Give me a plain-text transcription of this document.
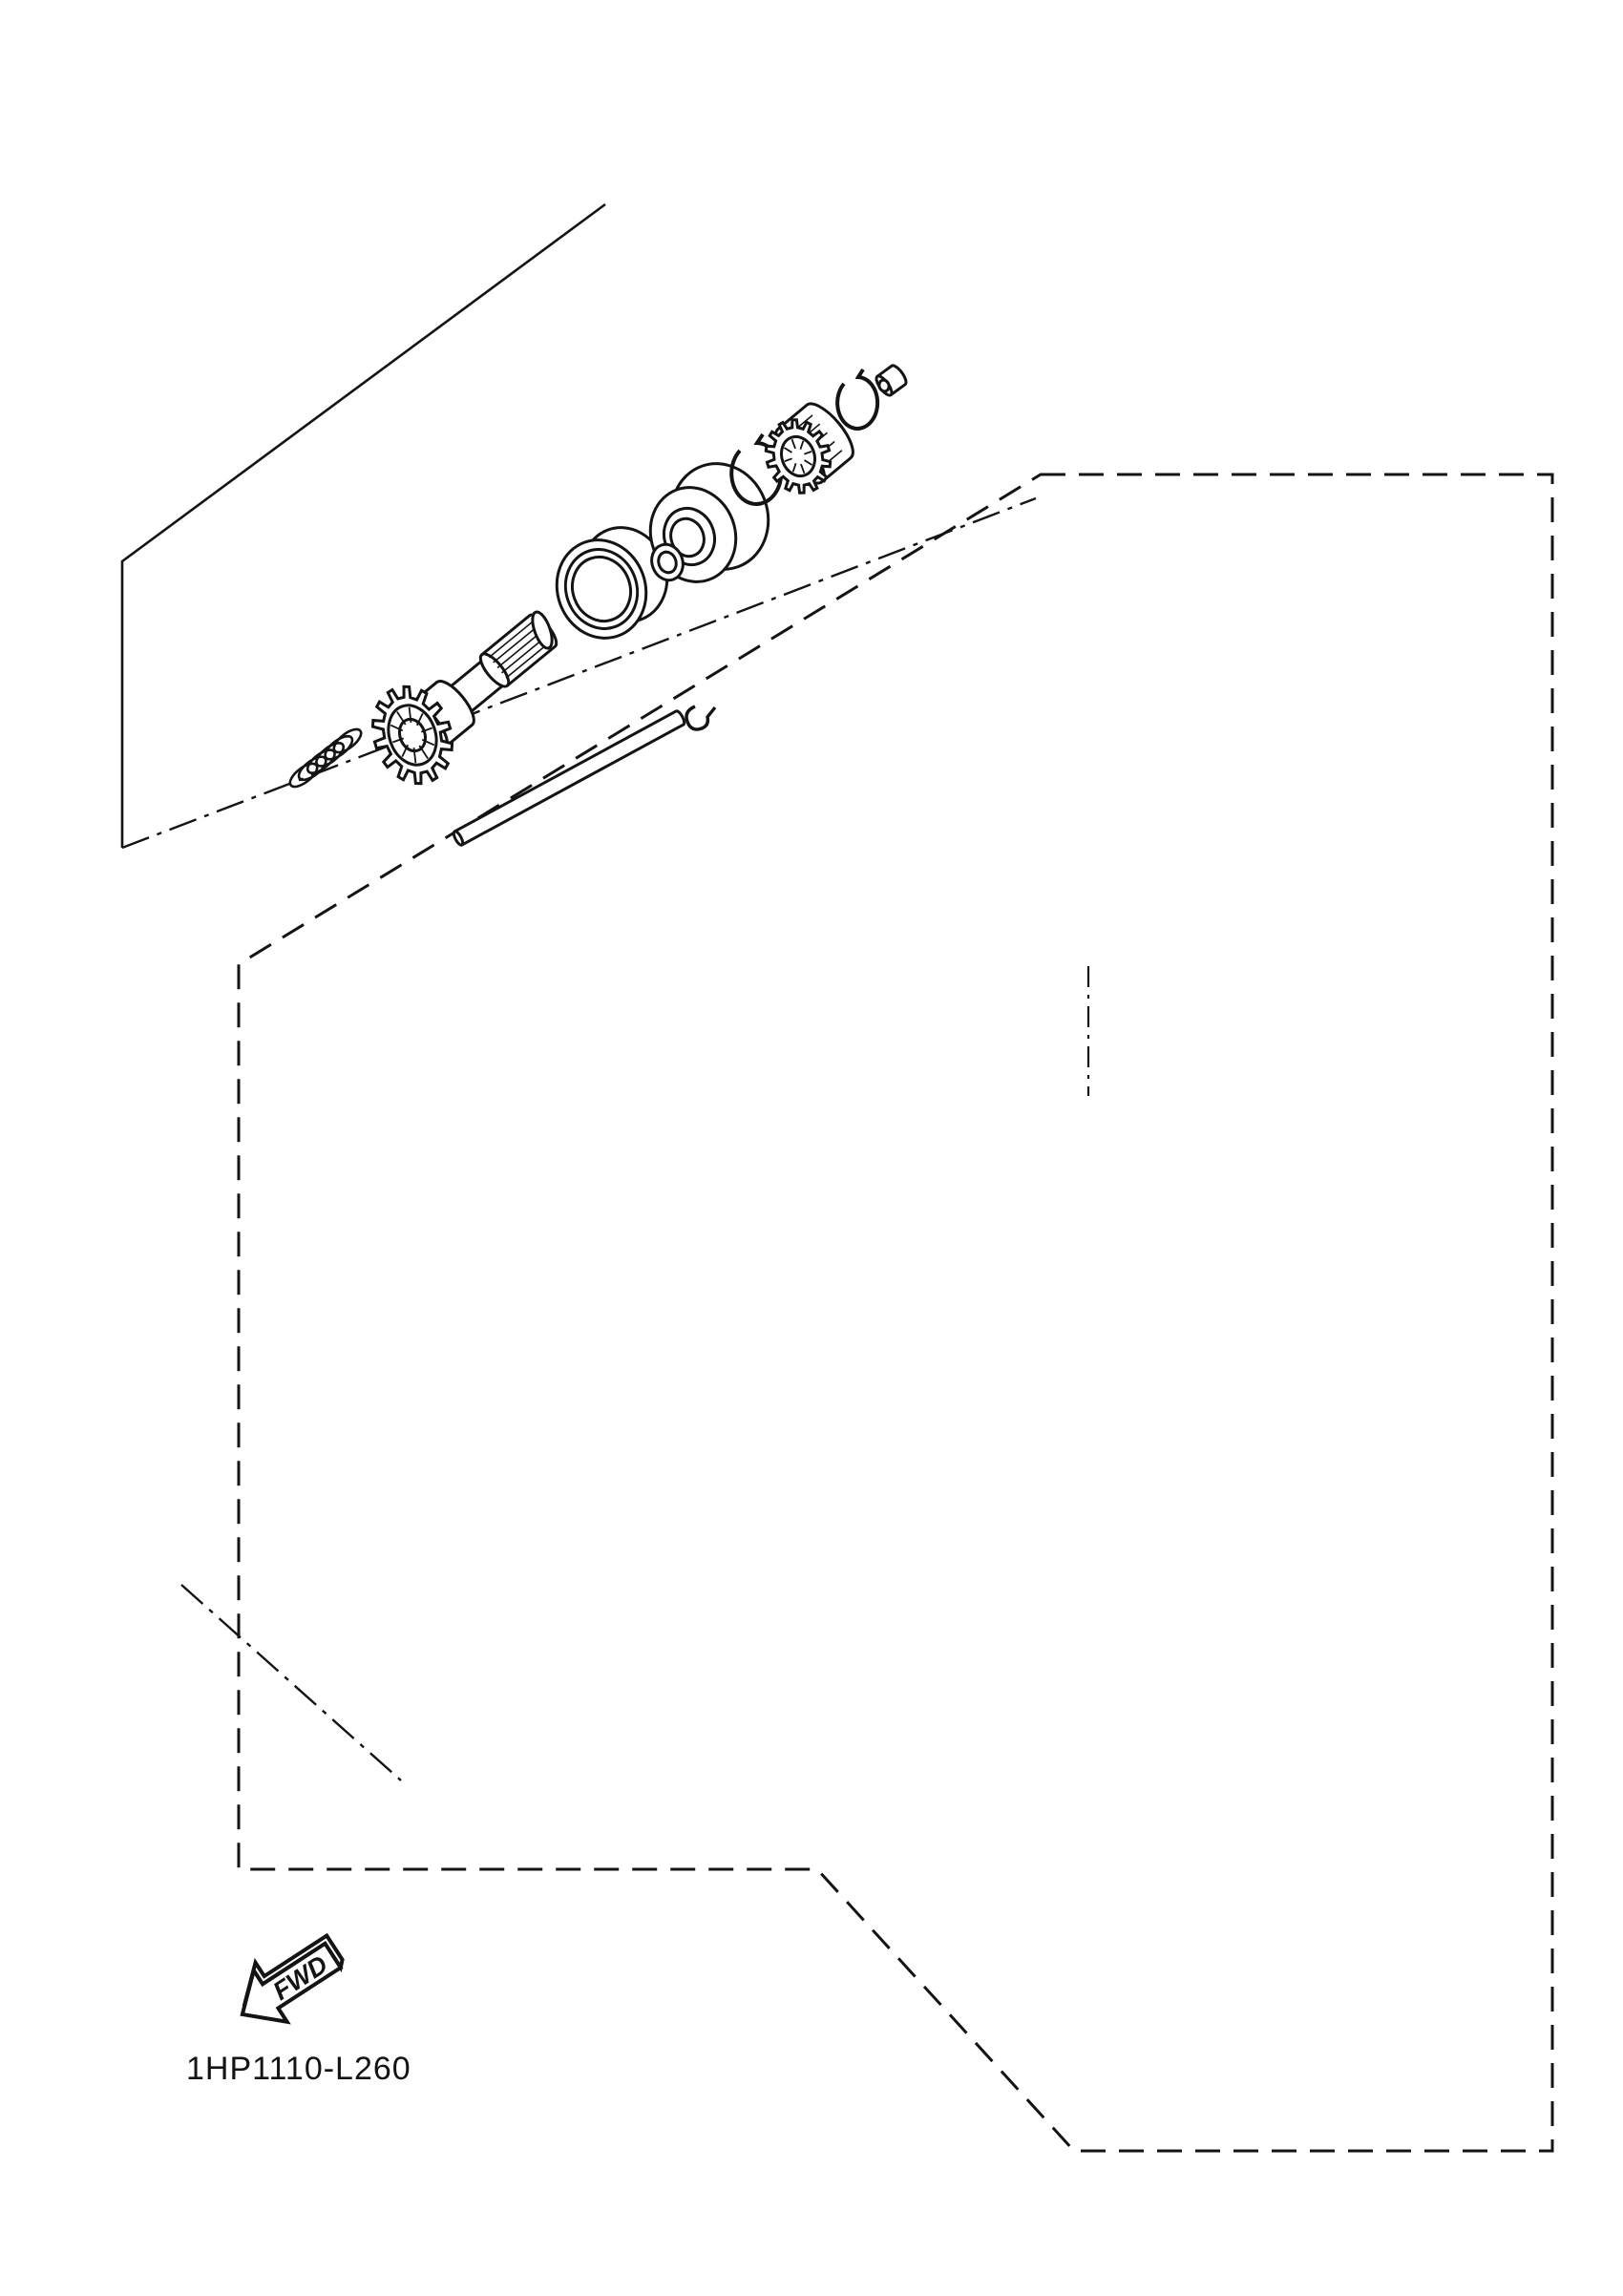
FWD
1HP1110-L260
